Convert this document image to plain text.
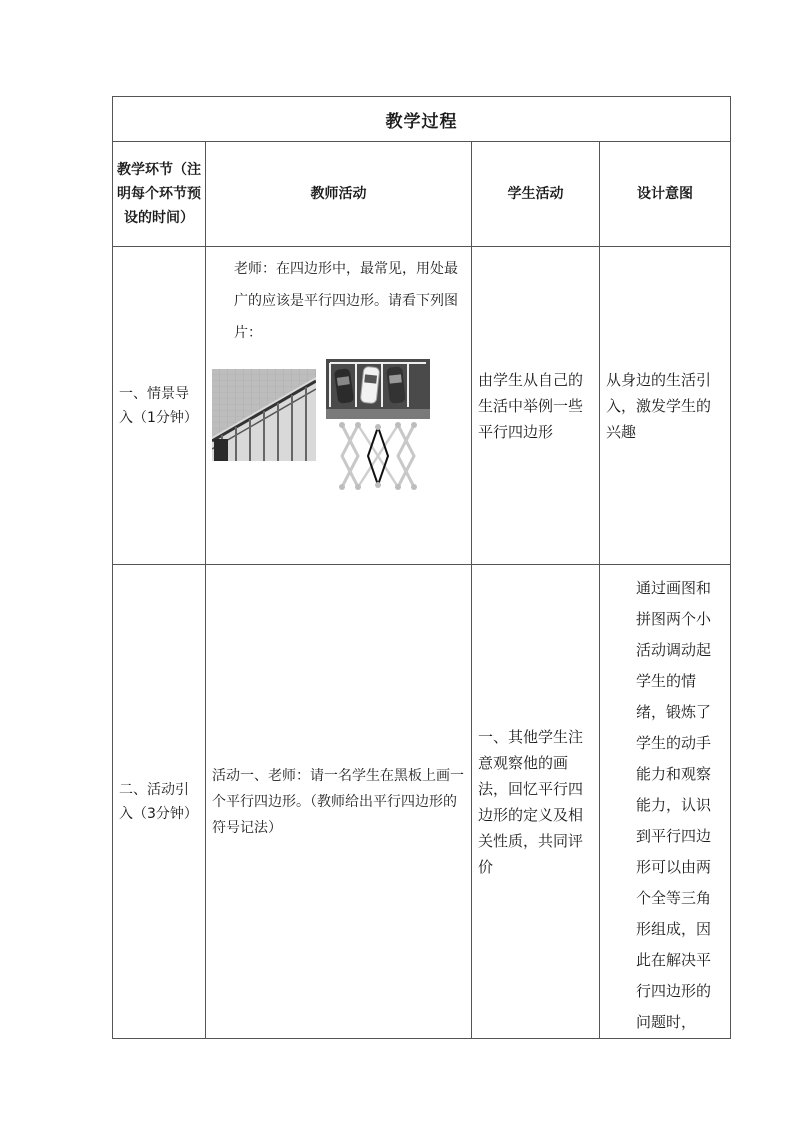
教学过程			
教学环节（注明每个环节预设的时间）	教师活动	学生活动	设计意图
一、情景导入（1分钟）	老师：在四边形中，最常见，用处最广的应该是平行四边形。请看下列图片：	由学生从自己的生活中举例一些平行四边形	从身边的生活引入，激发学生的兴趣

二、活动引入（3分钟）	活动一、老师：请一名学生在黑板上画一个平行四边形。（教师给出平行四边形的符号记法）	一、其他学生注意观察他的画法，回忆平行四边形的定义及相关性质，共同评价	通过画图和拼图两个小活动调动起学生的情绪，锻炼了学生的动手能力和观察能力，认识到平行四边形可以由两个全等三角形组成，因此在解决平行四边形的问题时，
